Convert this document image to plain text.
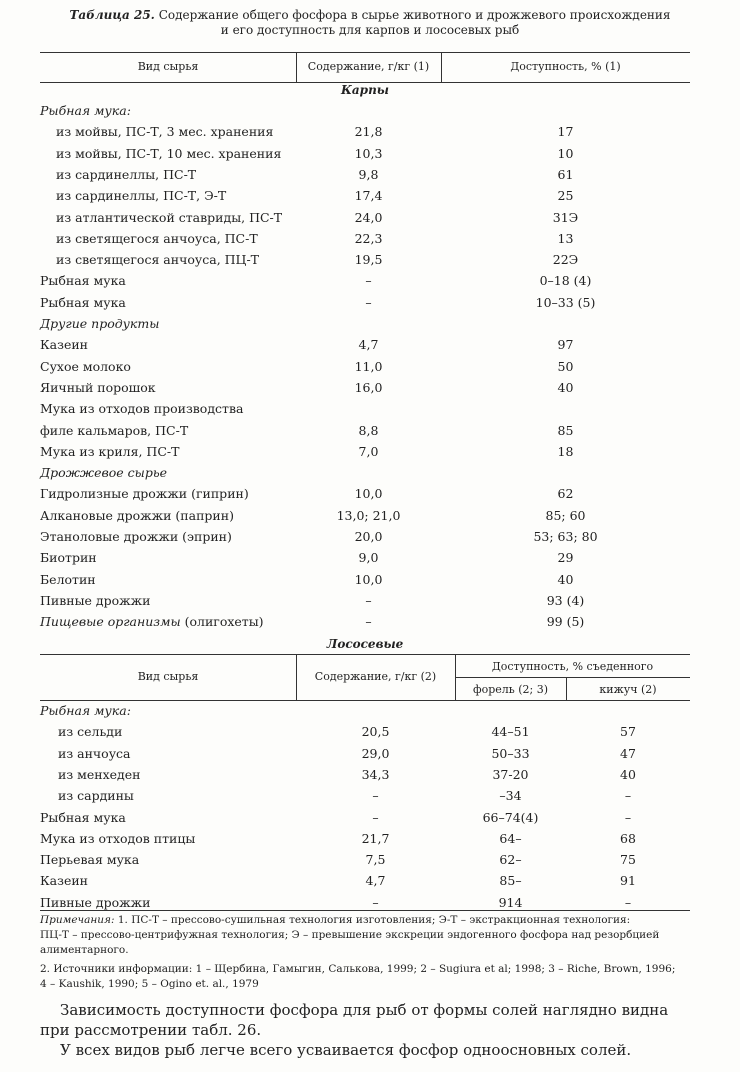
Таблица 25. Содержание общего фосфора в сырье животного и дрожжевого происхождения
и его доступность для карпов и лососевых рыб
Вид сырья	Содержание, г/кг (1)	Доступность, % (1)
Карпы
Рыбная мука:
из мойвы, ПС-Т, 3 мес. хранения	21,8	17
из мойвы, ПС-Т, 10 мес. хранения	10,3	10
из сардинеллы, ПС-Т	9,8	61
из сардинеллы, ПС-Т, Э-Т	17,4	25
из атлантической ставриды, ПС-Т	24,0	31Э
из светящегося анчоуса, ПС-Т	22,3	13
из светящегося анчоуса, ПЦ-Т	19,5	22Э
Рыбная мука	–	0–18 (4)
Рыбная мука	–	10–33 (5)
Другие продукты
Казеин	4,7	97
Сухое молоко	11,0	50
Яичный порошок	16,0	40
Мука из отходов производства
филе кальмаров, ПС-Т	8,8	85
Мука из криля, ПС-Т	7,0	18
Дрожжевое сырье
Гидролизные дрожжи (гиприн)	10,0	62
Алкановые дрожжи (паприн)	13,0; 21,0	85; 60
Этаноловые дрожжи (эприн)	20,0	53; 63; 80
Биотрин	9,0	29
Белотин	10,0	40
Пивные дрожжи	–	93 (4)
Пищевые организмы (олигохеты)	–	99 (5)
Лососевые
Вид сырья	Содержание, г/кг (2)
Доступность, % съеденного
форель (2; 3)	кижуч (2)
Рыбная мука:
из сельди	20,5	44–51	57
из анчоуса	29,0	50–33	47
из менхеден	34,3	37-20	40
из сардины	–	–34	–
Рыбная мука	–	66–74(4)	–
Мука из отходов птицы	21,7	64–	68
Перьевая мука	7,5	62–	75
Казеин	4,7	85–	91
Пивные дрожжи	–	914	–
Примечания: 1. ПС-Т – прессово-сушильная технология изготовления; Э-Т – экстракционная технология:
ПЦ-Т – прессово-центрифужная технология; Э – превышение экскреции эндогенного фосфора над резорбцией
алиментарного.
2. Источники информации: 1 – Щербина, Гамыгин, Салькова, 1999; 2 – Sugiura et al; 1998; 3 – Riche, Brown, 1996;
4 – Kaushik, 1990; 5 – Ogino et. al., 1979
Зависимость доступности фосфора для рыб от формы солей наглядно видна
при рассмотрении табл. 26.
У всех видов рыб легче всего усваивается фосфор одноосновных солей.
